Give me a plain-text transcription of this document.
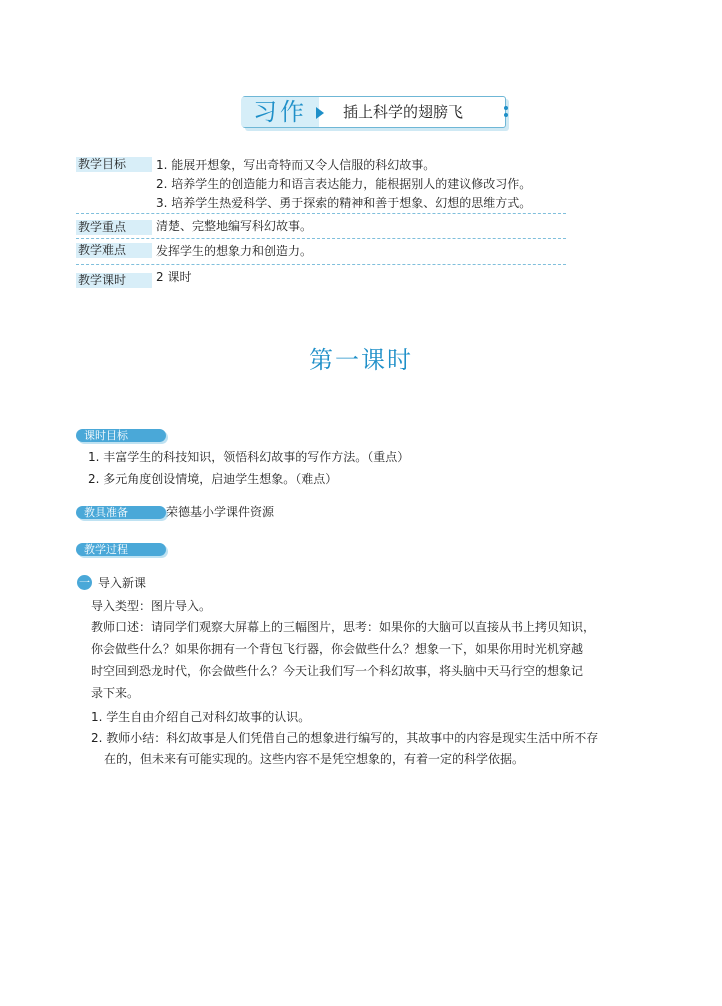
习作 插上科学的翅膀飞
教学目标	1. 能展开想象，写出奇特而又令人信服的科幻故事。
2. 培养学生的创造能力和语言表达能力，能根据别人的建议修改习作。
3. 培养学生热爱科学、勇于探索的精神和善于想象、幻想的思维方式。
教学重点	清楚、完整地编写科幻故事。
教学难点	发挥学生的想象力和创造力。
教学课时	2 课时
第一课时
课时目标
1. 丰富学生的科技知识，领悟科幻故事的写作方法。（重点）
2. 多元角度创设情境，启迪学生想象。（难点）
教具准备	荣德基小学课件资源
教学过程
一 导入新课
导入类型：图片导入。
教师口述：请同学们观察大屏幕上的三幅图片，思考：如果你的大脑可以直接从书上拷贝知识，
你会做些什么？如果你拥有一个背包飞行器，你会做些什么？想象一下，如果你用时光机穿越
时空回到恐龙时代，你会做些什么？今天让我们写一个科幻故事，将头脑中天马行空的想象记
录下来。
1. 学生自由介绍自己对科幻故事的认识。
2. 教师小结：科幻故事是人们凭借自己的想象进行编写的，其故事中的内容是现实生活中所不存
在的，但未来有可能实现的。这些内容不是凭空想象的，有着一定的科学依据。
